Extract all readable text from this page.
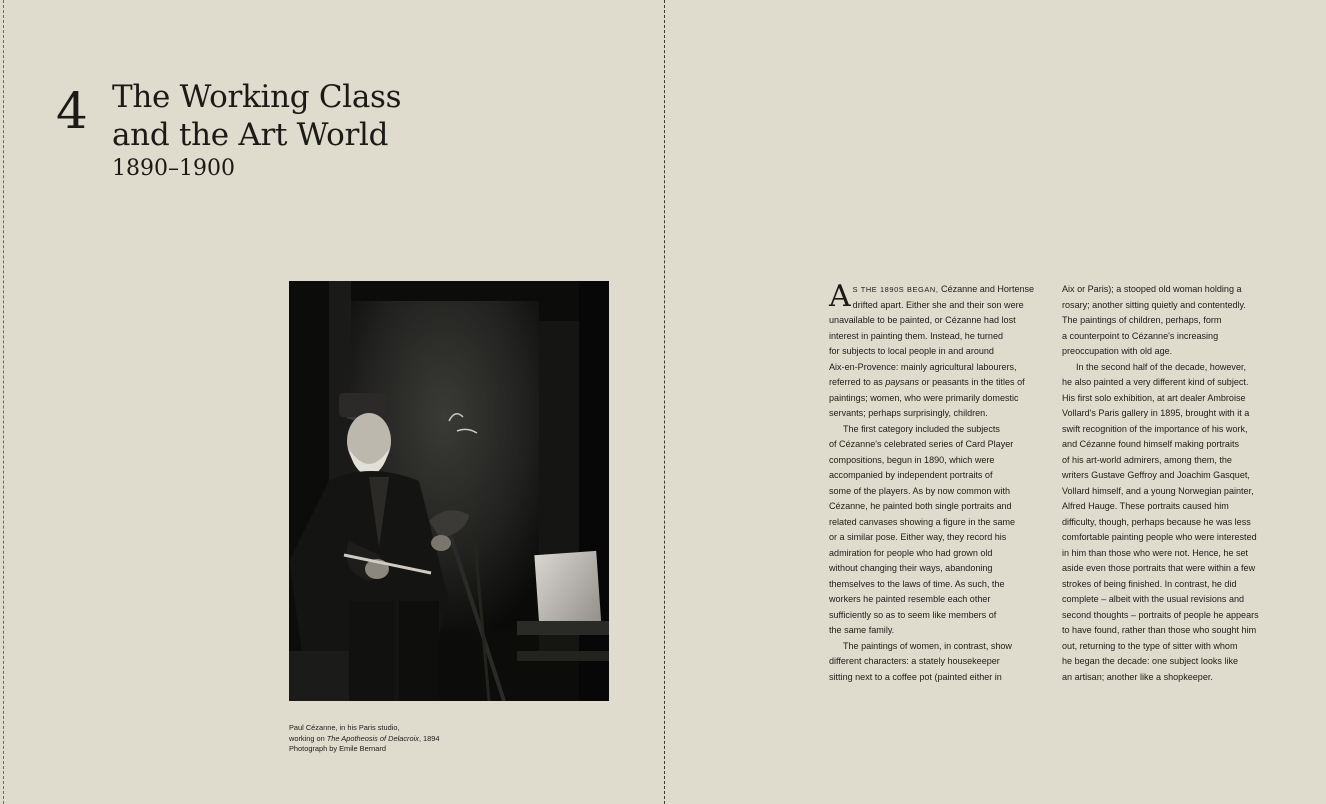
4 The Working Class
and the Art World
1890–1900
Paul Cézanne, in his Paris studio,
working on The Apotheosis of Delacroix, 1894
Photograph by Emile Bernard
A S THE 1890S BEGAN, Cézanne and Hortense
drifted apart. Either she and their son were
unavailable to be painted, or Cézanne had lost
interest in painting them. Instead, he turned
for subjects to local people in and around
Aix-en-Provence: mainly agricultural labourers,
referred to as paysans or peasants in the titles of
paintings; women, who were primarily domestic
servants; perhaps surprisingly, children.
The first category included the subjects
of Cézanne's celebrated series of Card Player
compositions, begun in 1890, which were
accompanied by independent portraits of
some of the players. As by now common with
Cézanne, he painted both single portraits and
related canvases showing a figure in the same
or a similar pose. Either way, they record his
admiration for people who had grown old
without changing their ways, abandoning
themselves to the laws of time. As such, the
workers he painted resemble each other
sufficiently so as to seem like members of
the same family.
The paintings of women, in contrast, show
different characters: a stately housekeeper
sitting next to a coffee pot (painted either in
Aix or Paris); a stooped old woman holding a
rosary; another sitting quietly and contentedly.
The paintings of children, perhaps, form
a counterpoint to Cézanne's increasing
preoccupation with old age.
In the second half of the decade, however,
he also painted a very different kind of subject.
His first solo exhibition, at art dealer Ambroise
Vollard's Paris gallery in 1895, brought with it a
swift recognition of the importance of his work,
and Cézanne found himself making portraits
of his art-world admirers, among them, the
writers Gustave Geffroy and Joachim Gasquet,
Vollard himself, and a young Norwegian painter,
Alfred Hauge. These portraits caused him
difficulty, though, perhaps because he was less
comfortable painting people who were interested
in him than those who were not. Hence, he set
aside even those portraits that were within a few
strokes of being finished. In contrast, he did
complete – albeit with the usual revisions and
second thoughts – portraits of people he appears
to have found, rather than those who sought him
out, returning to the type of sitter with whom
he began the decade: one subject looks like
an artisan; another like a shopkeeper.
